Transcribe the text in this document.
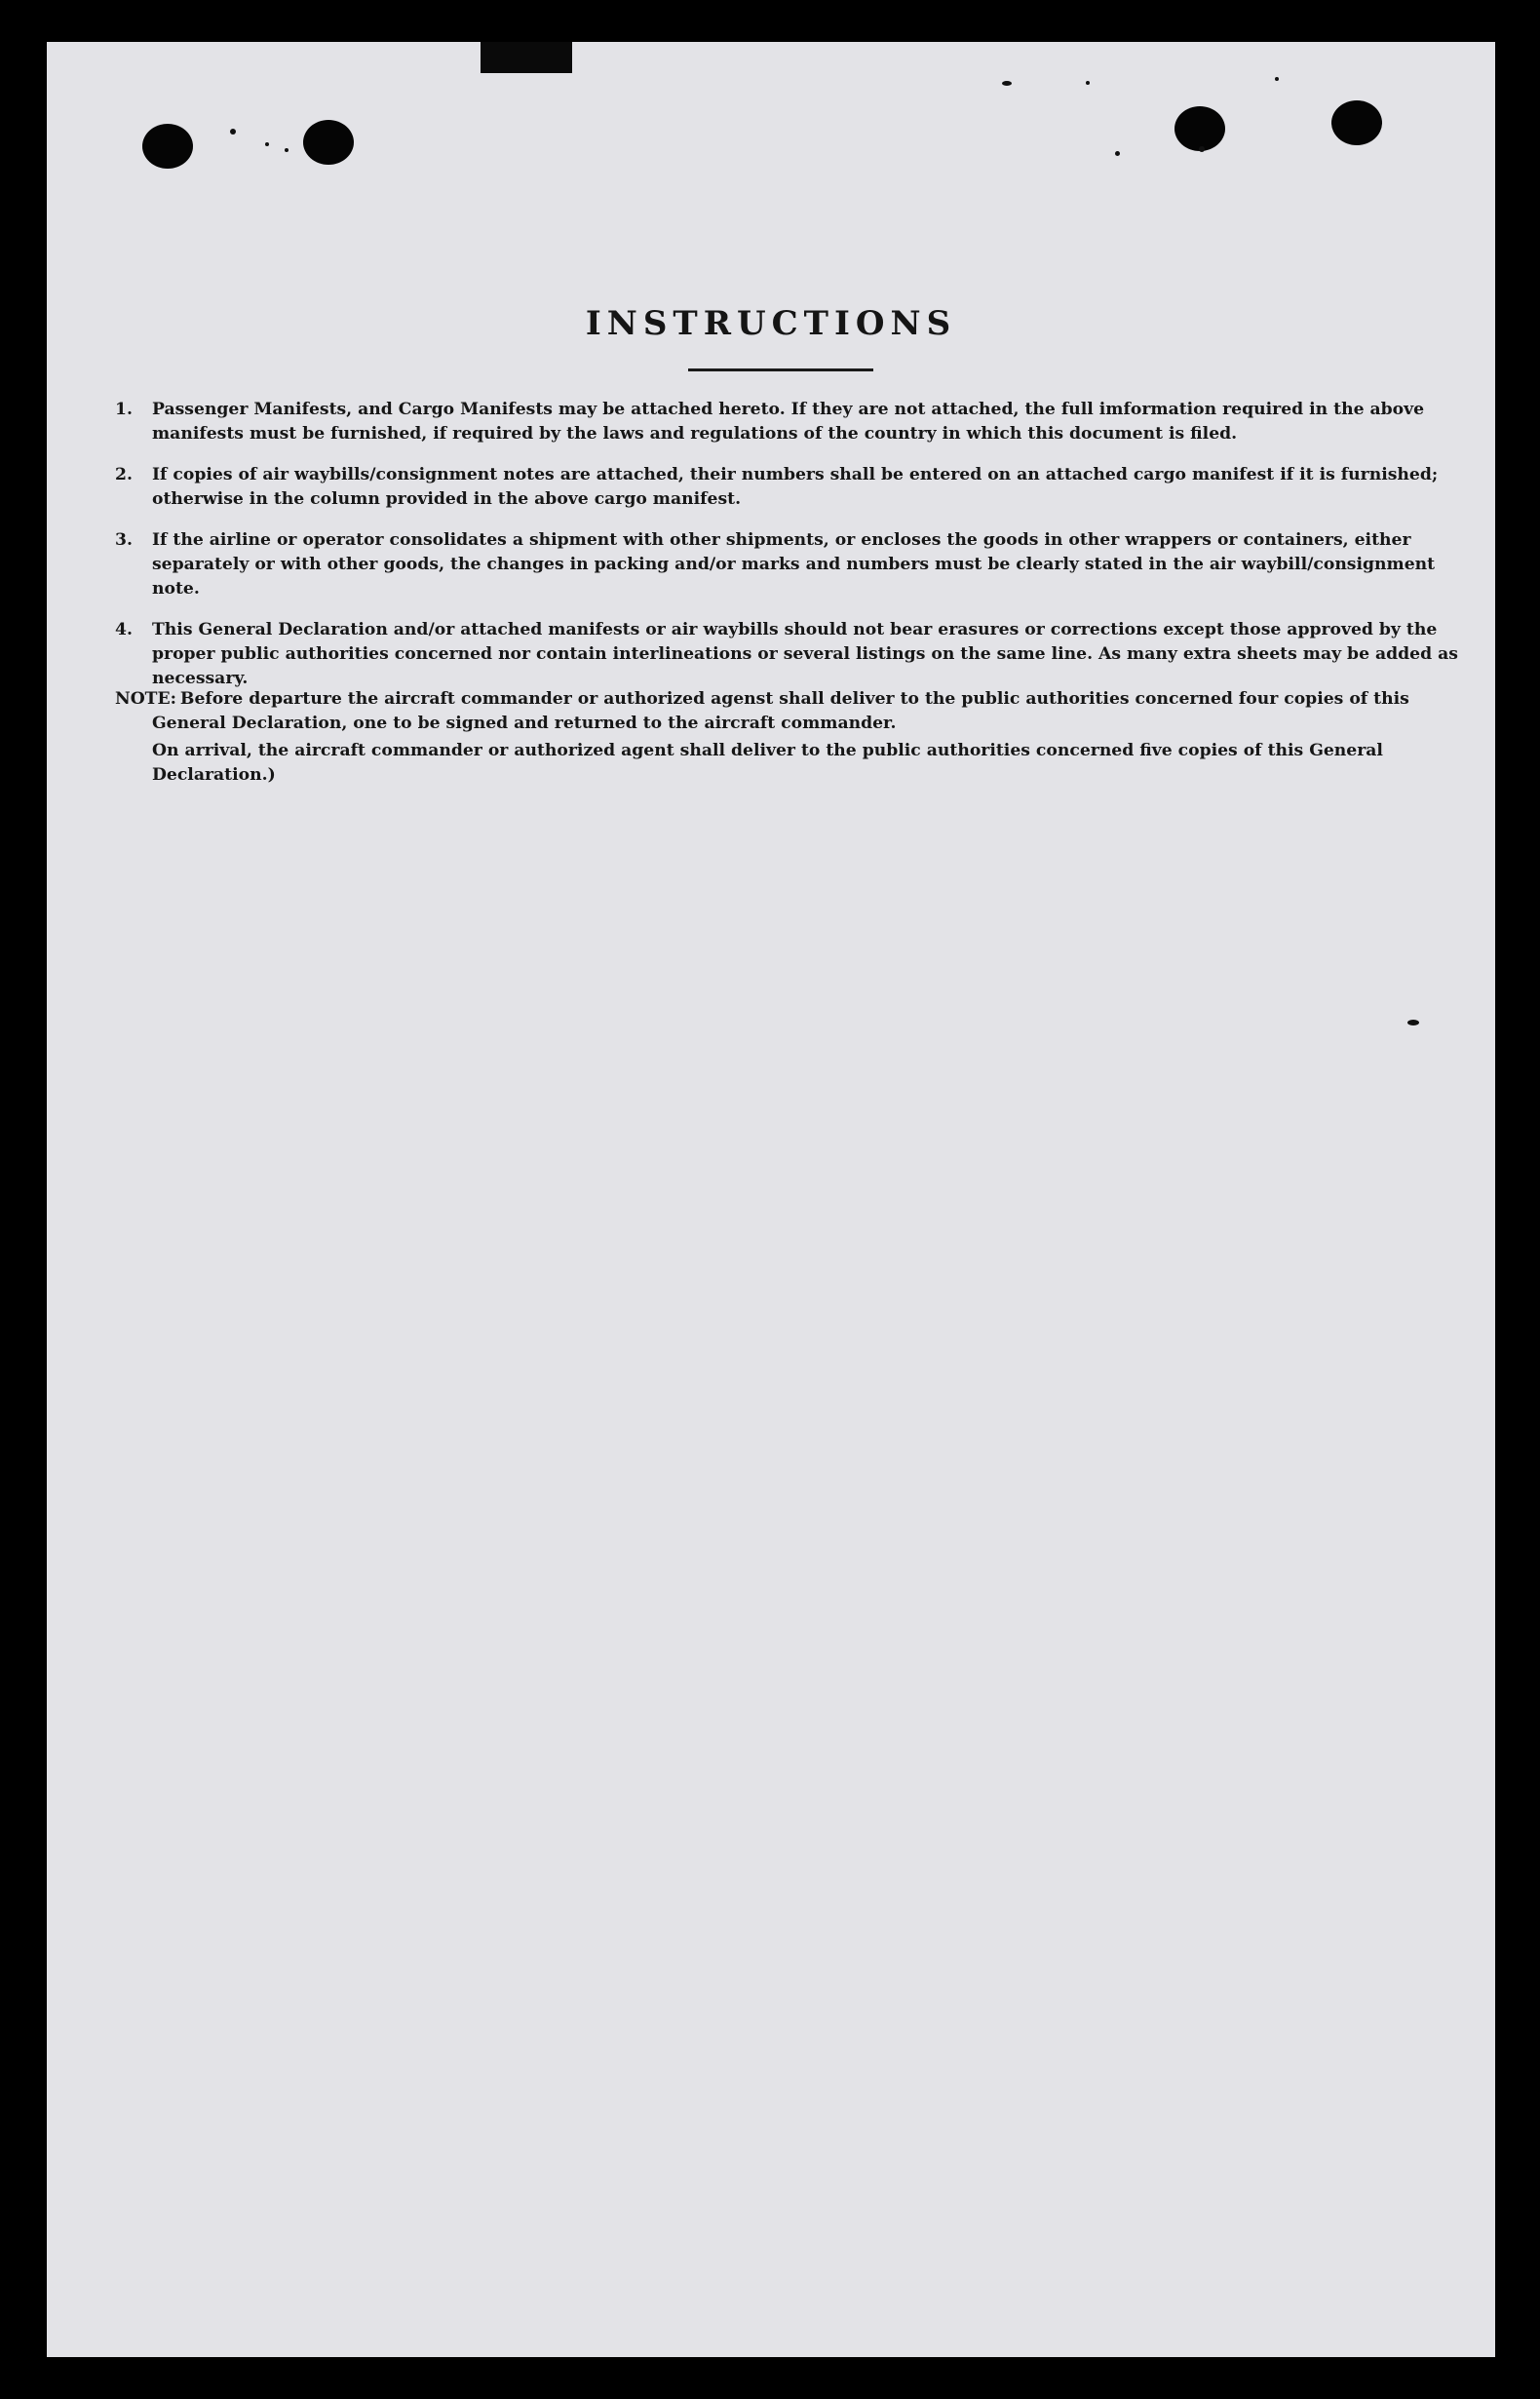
INSTRUCTIONS
1. Passenger Manifests, and Cargo Manifests may be attached hereto. If they are not attached, the full imformation required in the above manifests must be furnished, if required by the laws and regulations of the country in which this document is filed.
2. If copies of air waybills/consignment notes are attached, their numbers shall be entered on an attached cargo manifest if it is furnished; otherwise in the column provided in the above cargo manifest.
3. If the airline or operator consolidates a shipment with other shipments, or encloses the goods in other wrappers or containers, either separately or with other goods, the changes in packing and/or marks and numbers must be clearly stated in the air waybill/consignment note.
4. This General Declaration and/or attached manifests or air waybills should not bear erasures or corrections except those approved by the proper public authorities concerned nor contain interlineations or several listings on the same line. As many extra sheets may be added as necessary.
NOTE: Before departure the aircraft commander or authorized agenst shall deliver to the public authorities concerned four copies of this General Declaration, one to be signed and returned to the aircraft commander.
On arrival, the aircraft commander or authorized agent shall deliver to the public authorities concerned five copies of this General Declaration.)
